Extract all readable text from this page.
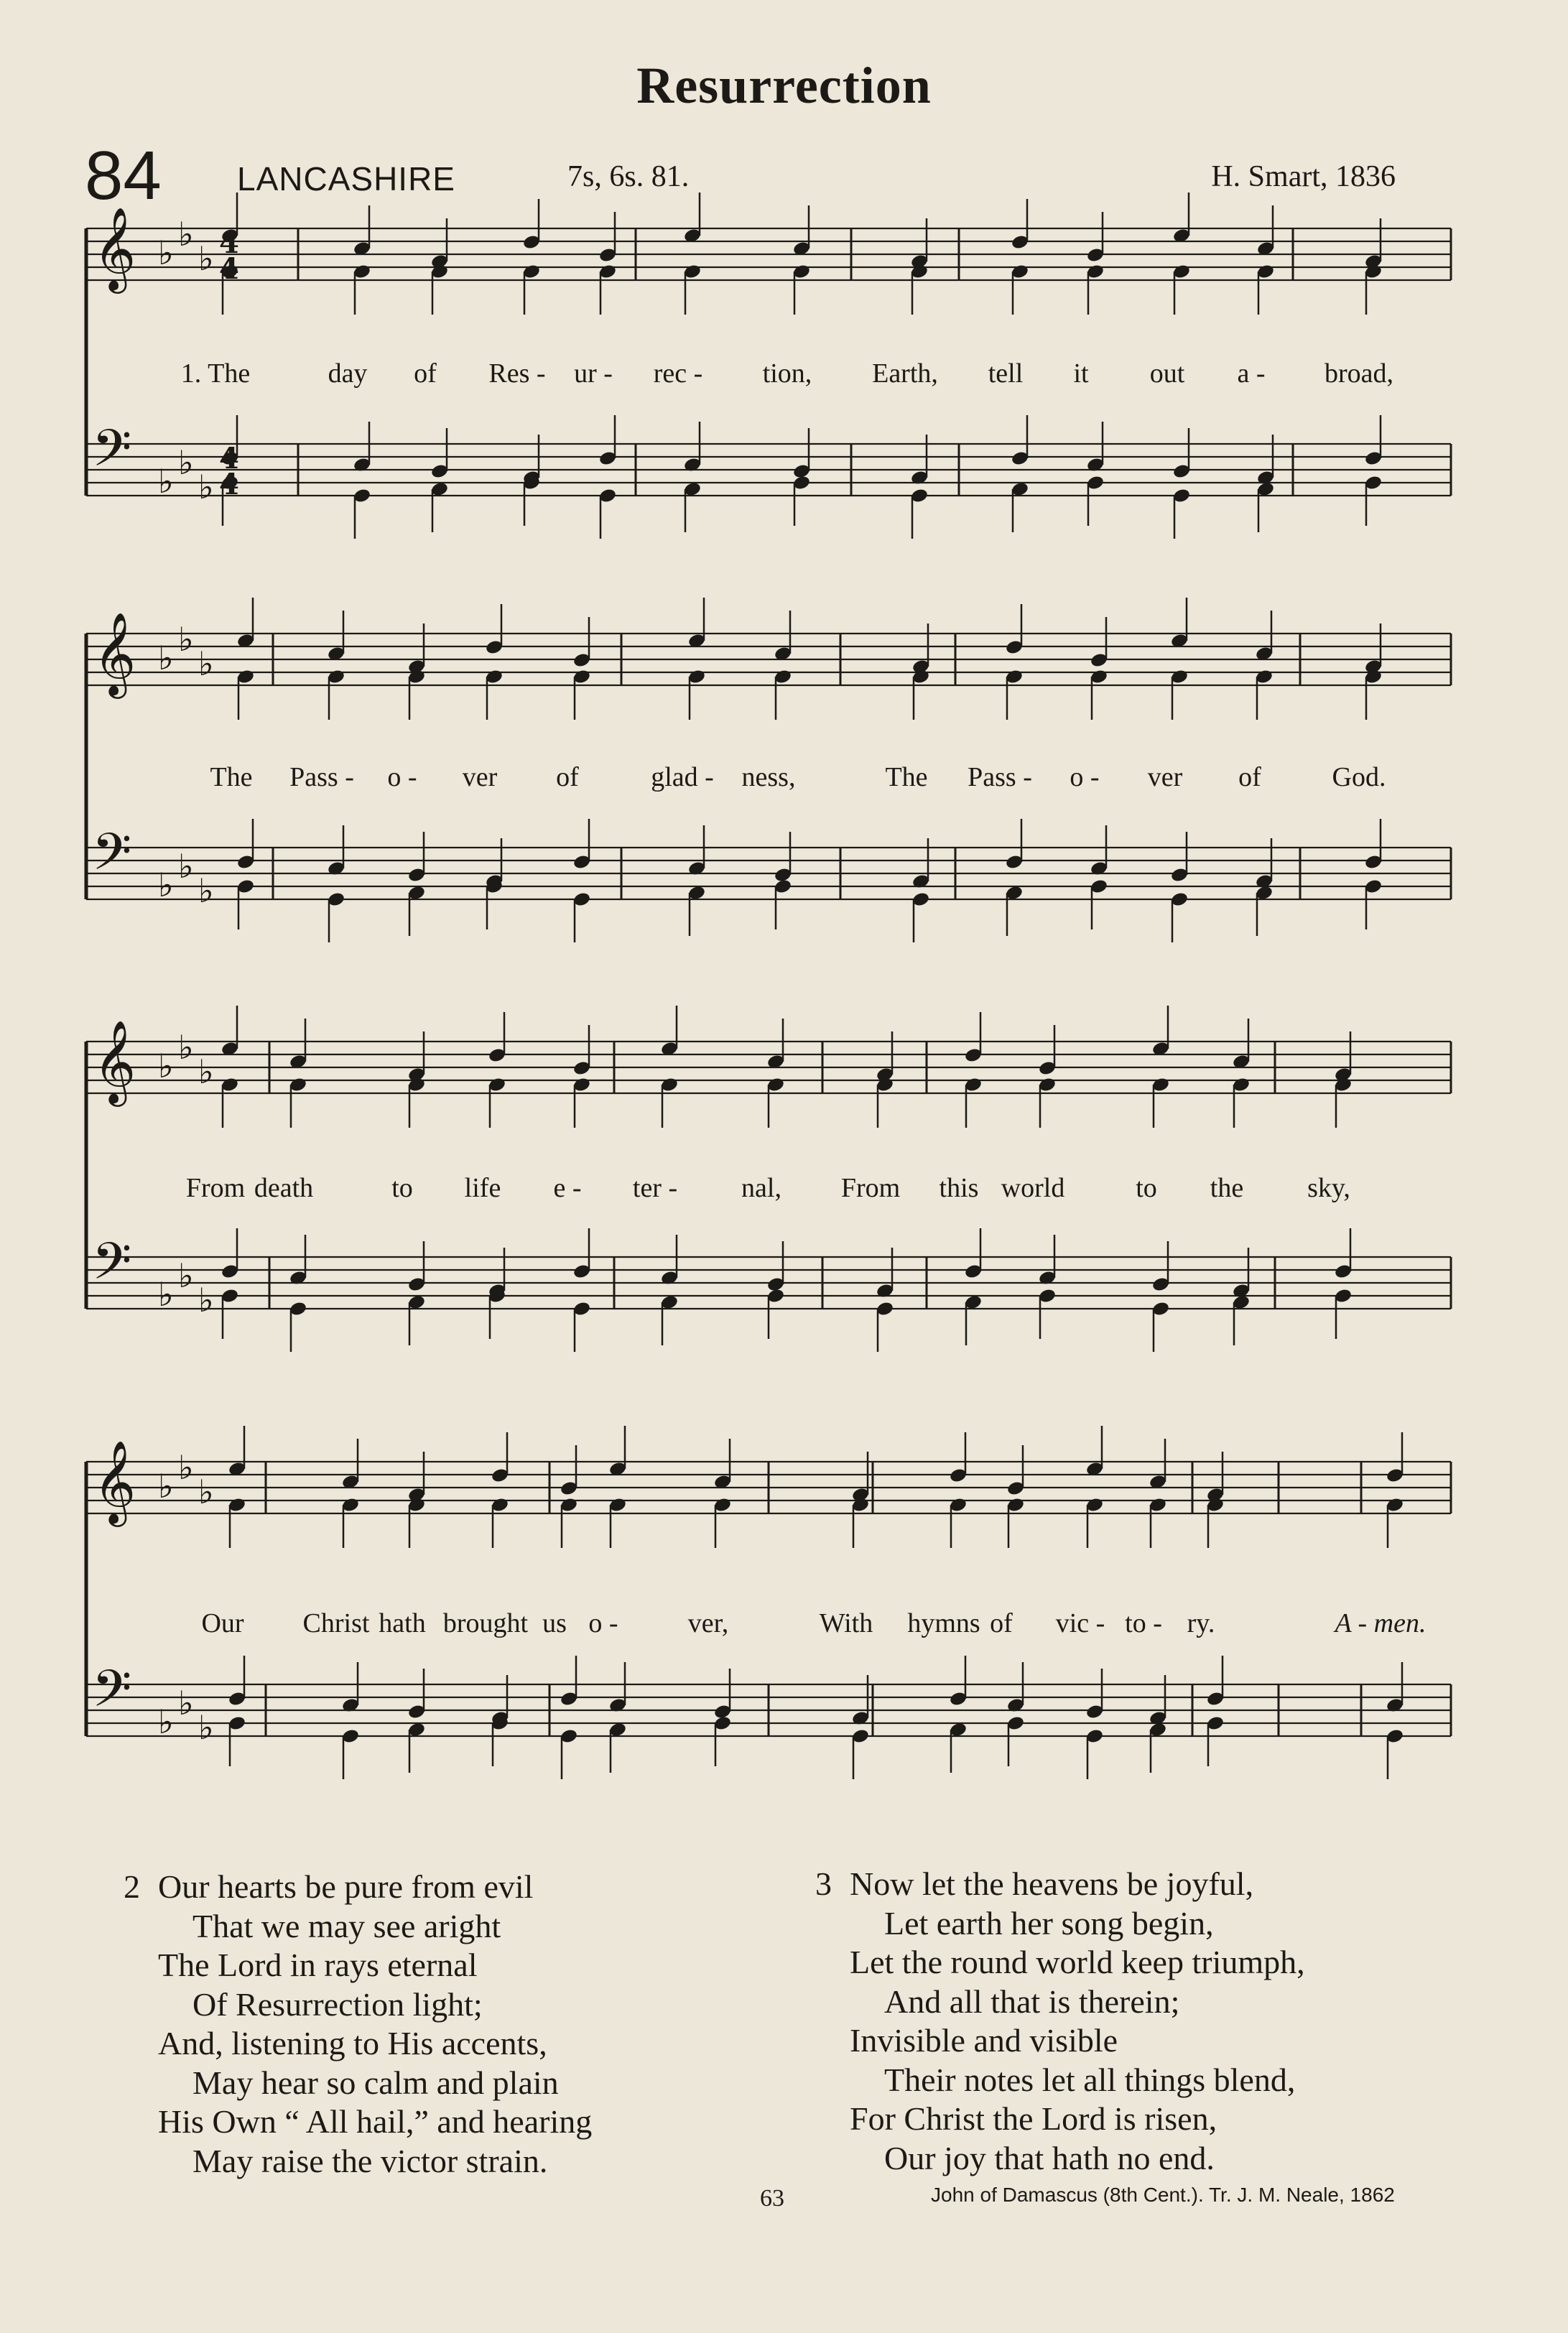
Resurrection
84 LANCASHIRE	7s, 6s. 81.	H. Smart, 1836
𝄞
𝄢
♭ ♭
♭
♭ ♭
♭
𝄞
𝄢
♭ ♭
♭
♭ ♭
♭
𝄞
𝄢
♭ ♭
♭
♭ ♭
♭
𝄞
𝄢
♭ ♭
♭
♭ ♭
♭
4
4
4
4
1. The	day of Res - ur - rec - tion, Earth, tell it out a - broad,
The Pass - o - ver of	glad - ness,	The Pass - o - ver of	God.
From death	to life e - ter - nal, From this world	to the sky,
Our Christ hath brought us o -	ver,	With hymns of vic - to - ry.	A - men.
2 Our hearts be pure from evil
That we may see aright
The Lord in rays eternal
Of Resurrection light;
And, listening to His accents,
May hear so calm and plain
His Own “ All hail,” and hearing
May raise the victor strain.
3 Now let the heavens be joyful,
Let earth her song begin,
Let the round world keep triumph,
And all that is therein;
Invisible and visible
Their notes let all things blend,
For Christ the Lord is risen,
Our joy that hath no end.
63	John of Damascus (8th Cent.). Tr. J. M. Neale, 1862
